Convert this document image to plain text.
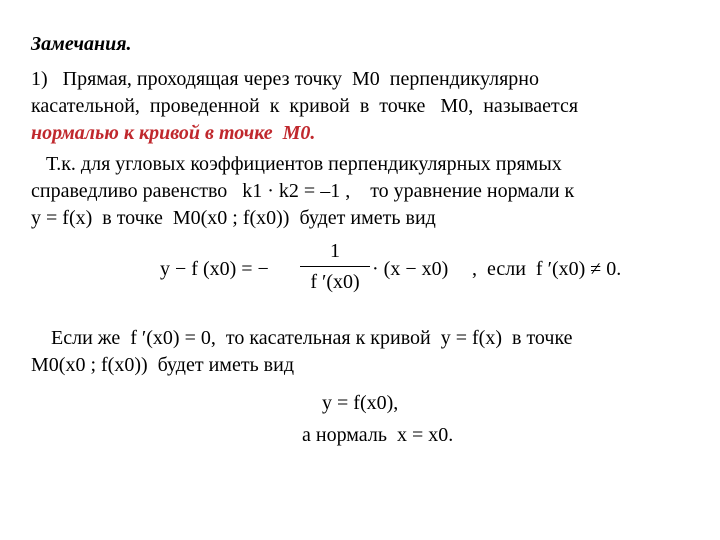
Замечания.
1)   Прямая, проходящая через точку  M0  перпендикулярно
касательной,  проведенной  к  кривой  в  точке   M0,  называется
нормалью к кривой в точке  M0.
Т.к. для угловых коэффициентов перпендикулярных прямых
справедливо равенство   k1 · k2 = –1 ,    то уравнение нормали к
y = f(x)  в точке  M0(x0 ; f(x0))  будет иметь вид
y − f (x0) = −
1
f ′(x0)
· (x − x0) ,  если  f ′(x0) ≠ 0.
Если же  f ′(x0) = 0,  то касательная к кривой  y = f(x)  в точке
M0(x0 ; f(x0))  будет иметь вид
y = f(x0),
а нормаль  x = x0.
